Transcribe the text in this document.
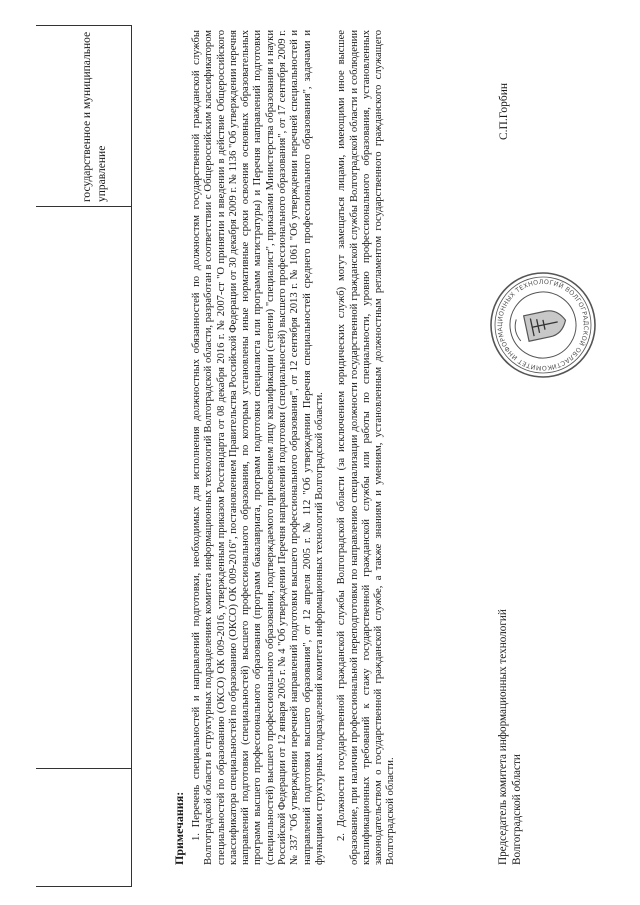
государственное и муниципальное управление

Примечания: 1. Перечень специальностей и направлений подготовки, необходимых для исполнения должностных обязанностей по должностям государственной гражданской службы Волгоградской области в структурных подразделениях комитета информационных технологий Волгоградской области, разработан в соответствии с Общероссийским классификатором специальностей по образованию (ОКСО) ОК 009-2016, утвержденным приказом Росстандарта от 08 декабря 2016 г. № 2007-ст "О принятии и введении в действие Общероссийского классификатора специальностей по образованию (ОКСО) ОК 009-2016", постановлением Правительства Российской Федерации от 30 декабря 2009 г. № 1136 "Об утверждении перечня направлений подготовки (специальностей) высшего профессионального образования, по которым установлены иные нормативные сроки освоения основных образовательных программ высшего профессионального образования (программ бакалавриата, программ подготовки специалиста или программ магистратуры) и Перечня направлений подготовки (специальностей) высшего профессионального образования, подтверждаемого присвоением лицу квалификации (степени) "специалист", приказами Министерства образования и науки Российской Федерации от 12 января 2005 г. № 4 "Об утверждении Перечня направлений подготовки (специальностей) высшего профессионального образования", от 17 сентября 2009 г. № 337 "Об утверждении перечней направлений подготовки высшего профессионального образования", от 12 сентября 2013 г. № 1061 "Об утверждении перечней специальностей и направлений подготовки высшего образования", от 12 апреля 2005 г. № 112 "Об утверждении Перечня специальностей среднего профессионального образования", задачами и функциями структурных подразделений комитета информационных технологий Волгоградской области. 2. Должности государственной гражданской службы Волгоградской области (за исключением юридических служб) могут замещаться лицами, имеющими иное высшее образование, при наличии профессиональной переподготовки по направлению специализации должности государственной гражданской службы Волгоградской области и соблюдении квалификационных требований к стажу государственной гражданской службы или работы по специальности, уровню профессионального образования, установленных законодательством о государственной гражданской службе, а также знаниям и умениям, установленным должностным регламентом государственного гражданского служащего Волгоградской области.	Председатель комитета информационных технологий Волгоградской области
КОМИТЕТ ИНФОРМАЦИОННЫХ ТЕХНОЛОГИЙ ВОЛГОГРАДСКОЙ ОБЛАСТИ
С.П.Горбин
